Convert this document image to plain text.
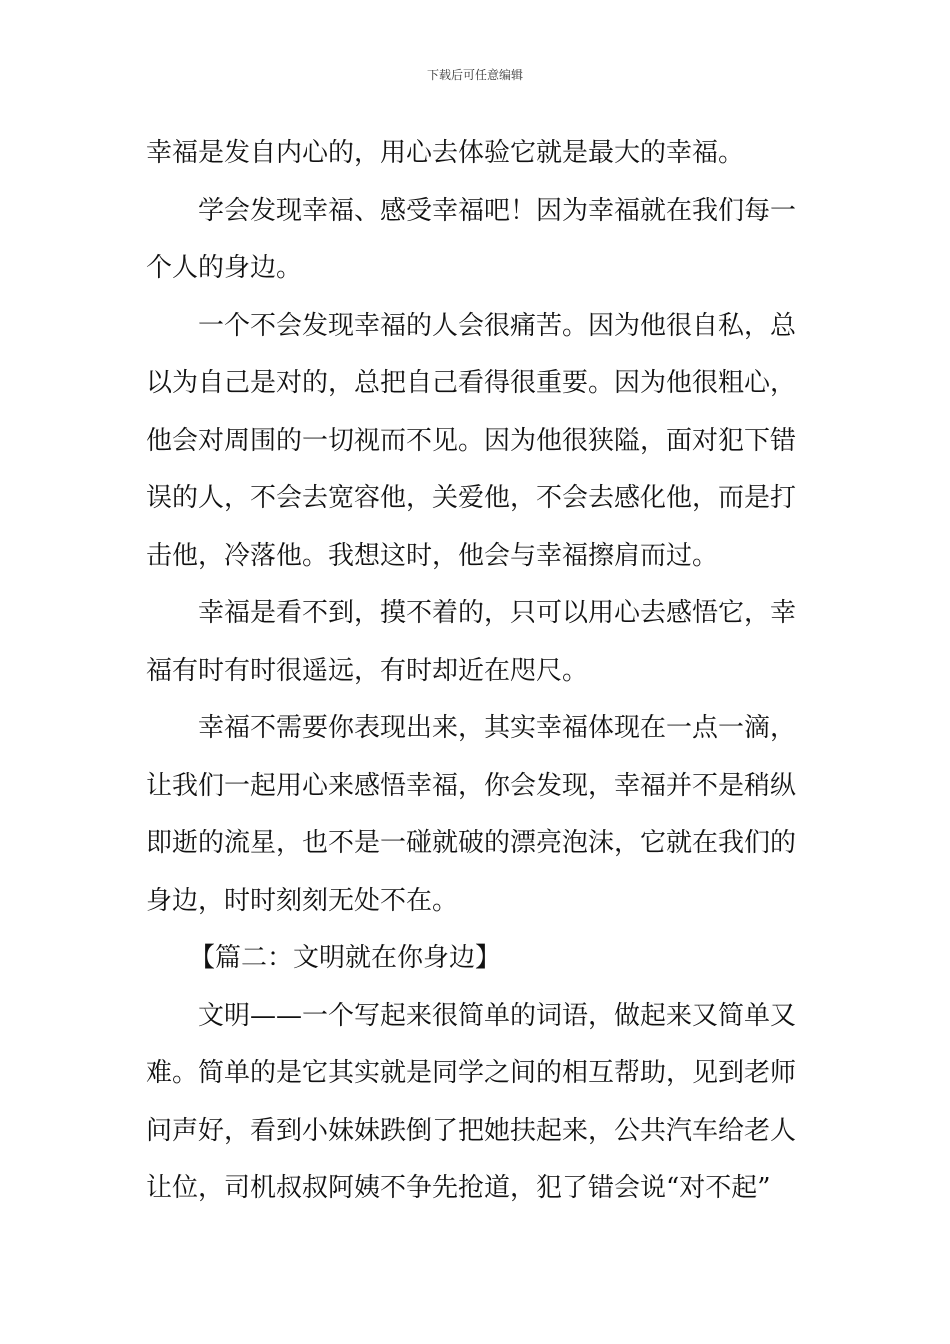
下载后可任意编辑
幸福是发自内心的，用心去体验它就是最大的幸福。
学会发现幸福、感受幸福吧！因为幸福就在我们每一
个人的身边。
一个不会发现幸福的人会很痛苦。因为他很自私，总
以为自己是对的，总把自己看得很重要。因为他很粗心，
他会对周围的一切视而不见。因为他很狭隘，面对犯下错
误的人，不会去宽容他，关爱他，不会去感化他，而是打
击他，冷落他。我想这时，他会与幸福擦肩而过。
幸福是看不到，摸不着的，只可以用心去感悟它，幸
福有时有时很遥远，有时却近在咫尺。
幸福不需要你表现出来，其实幸福体现在一点一滴，
让我们一起用心来感悟幸福，你会发现，幸福并不是稍纵
即逝的流星，也不是一碰就破的漂亮泡沫，它就在我们的
身边，时时刻刻无处不在。
【篇二：文明就在你身边】
文明——一个写起来很简单的词语，做起来又简单又
难。简单的是它其实就是同学之间的相互帮助，见到老师
问声好，看到小妹妹跌倒了把她扶起来，公共汽车给老人
让位，司机叔叔阿姨不争先抢道，犯了错会说“对不起”
